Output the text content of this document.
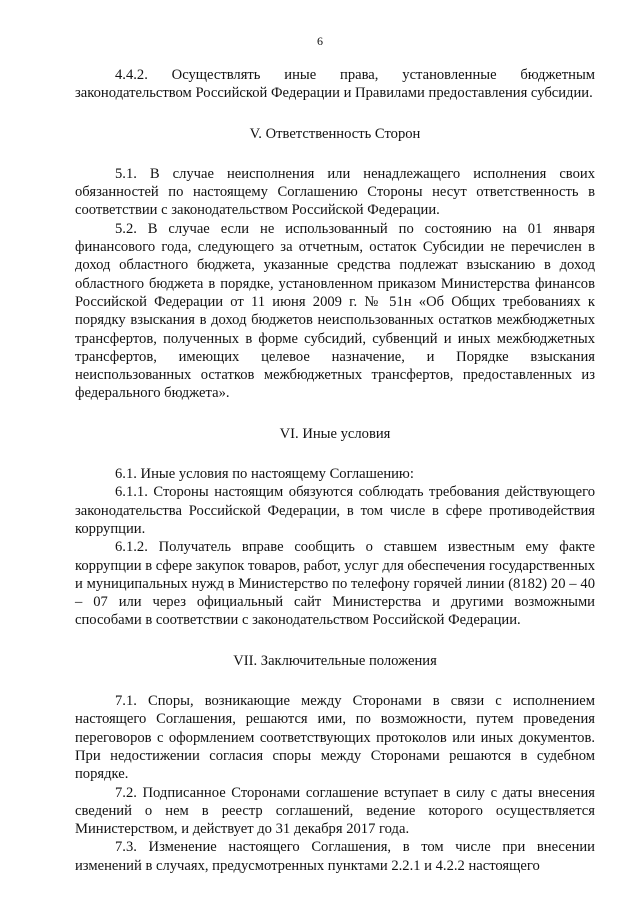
6

4.4.2. Осуществлять иные права, установленные бюджетным законодательством Российской Федерации и Правилами предоставления субсидии.

V. Ответственность Сторон

5.1. В случае неисполнения или ненадлежащего исполнения своих обязанностей по настоящему Соглашению Стороны несут ответственность в соответствии с законодательством Российской Федерации.

5.2. В случае если не использованный по состоянию на 01 января финансового года, следующего за отчетным, остаток Субсидии не перечислен в доход областного бюджета, указанные средства подлежат взысканию в доход областного бюджета в порядке, установленном приказом Министерства финансов Российской Федерации от 11 июня 2009 г. № 51н «Об Общих требованиях к порядку взыскания в доход бюджетов неиспользованных остатков межбюджетных трансфертов, полученных в форме субсидий, субвенций и иных межбюджетных трансфертов, имеющих целевое назначение, и Порядке взыскания неиспользованных остатков межбюджетных трансфертов, предоставленных из федерального бюджета».

VI. Иные условия

6.1. Иные условия по настоящему Соглашению:

6.1.1. Стороны настоящим обязуются соблюдать требования действующего законодательства Российской Федерации, в том числе в сфере противодействия коррупции.

6.1.2. Получатель вправе сообщить о ставшем известным ему факте коррупции в сфере закупок товаров, работ, услуг для обеспечения государственных и муниципальных нужд в Министерство по телефону горячей линии (8182) 20 – 40 – 07 или через официальный сайт Министерства и другими возможными способами в соответствии с законодательством Российской Федерации.

VII. Заключительные положения

7.1. Споры, возникающие между Сторонами в связи с исполнением настоящего Соглашения, решаются ими, по возможности, путем проведения переговоров с оформлением соответствующих протоколов или иных документов. При недостижении согласия споры между Сторонами решаются в судебном порядке.

7.2. Подписанное Сторонами соглашение вступает в силу с даты внесения сведений о нем в реестр соглашений, ведение которого осуществляется Министерством, и действует до 31 декабря 2017 года.

7.3. Изменение настоящего Соглашения, в том числе при внесении изменений в случаях, предусмотренных пунктами 2.2.1 и 4.2.2 настоящего
